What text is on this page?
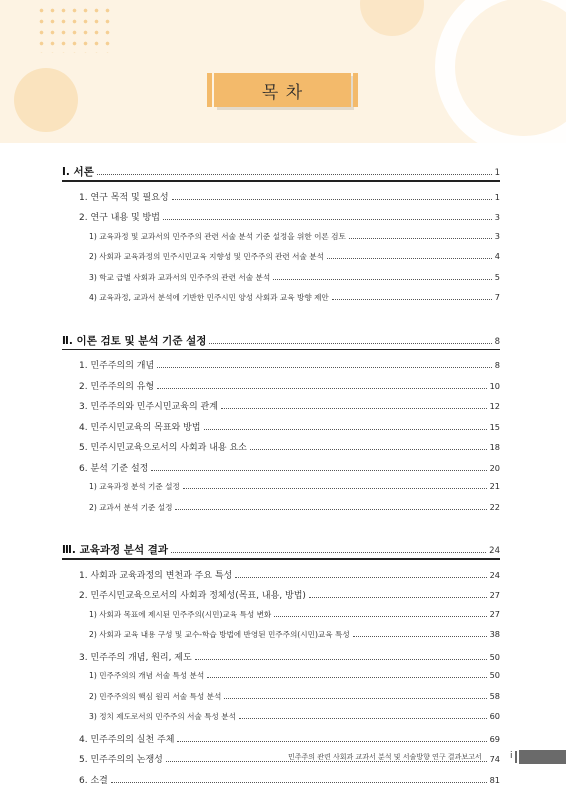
목 차
Ⅰ. 서론	1
1. 연구 목적 및 필요성	1
2. 연구 내용 및 방법	3
1) 교육과정 및 교과서의 민주주의 관련 서술 분석 기준 설정을 위한 이론 검토	3
2) 사회과 교육과정의 민주시민교육 지향성 및 민주주의 관련 서술 분석	4
3) 학교 급별 사회과 교과서의 민주주의 관련 서술 분석	5
4) 교육과정, 교과서 분석에 기반한 민주시민 양성 사회과 교육 방향 제안	7
Ⅱ. 이론 검토 및 분석 기준 설정	8
1. 민주주의의 개념	8
2. 민주주의의 유형	10
3. 민주주의와 민주시민교육의 관계	12
4. 민주시민교육의 목표와 방법	15
5. 민주시민교육으로서의 사회과 내용 요소	18
6. 분석 기준 설정	20
1) 교육과정 분석 기준 설정	21
2) 교과서 분석 기준 설정	22
Ⅲ. 교육과정 분석 결과	24
1. 사회과 교육과정의 변천과 주요 특성	24
2. 민주시민교육으로서의 사회과 정체성(목표, 내용, 방법)	27
1) 사회과 목표에 제시된 민주주의(시민)교육 특성 변화	27
2) 사회과 교육 내용 구성 및 교수-학습 방법에 반영된 민주주의(시민)교육 특성	38
3. 민주주의 개념, 원리, 제도	50
1) 민주주의의 개념 서술 특성 분석	50
2) 민주주의의 핵심 원리 서술 특성 분석	58
3) 정치 제도로서의 민주주의 서술 특성 분석	60
4. 민주주의의 실천 주체	69
5. 민주주의의 논쟁성	74
6. 소결	81
민주주의 관련 사회과 교과서 분석 및 서술방향 연구 결과보고서	i
